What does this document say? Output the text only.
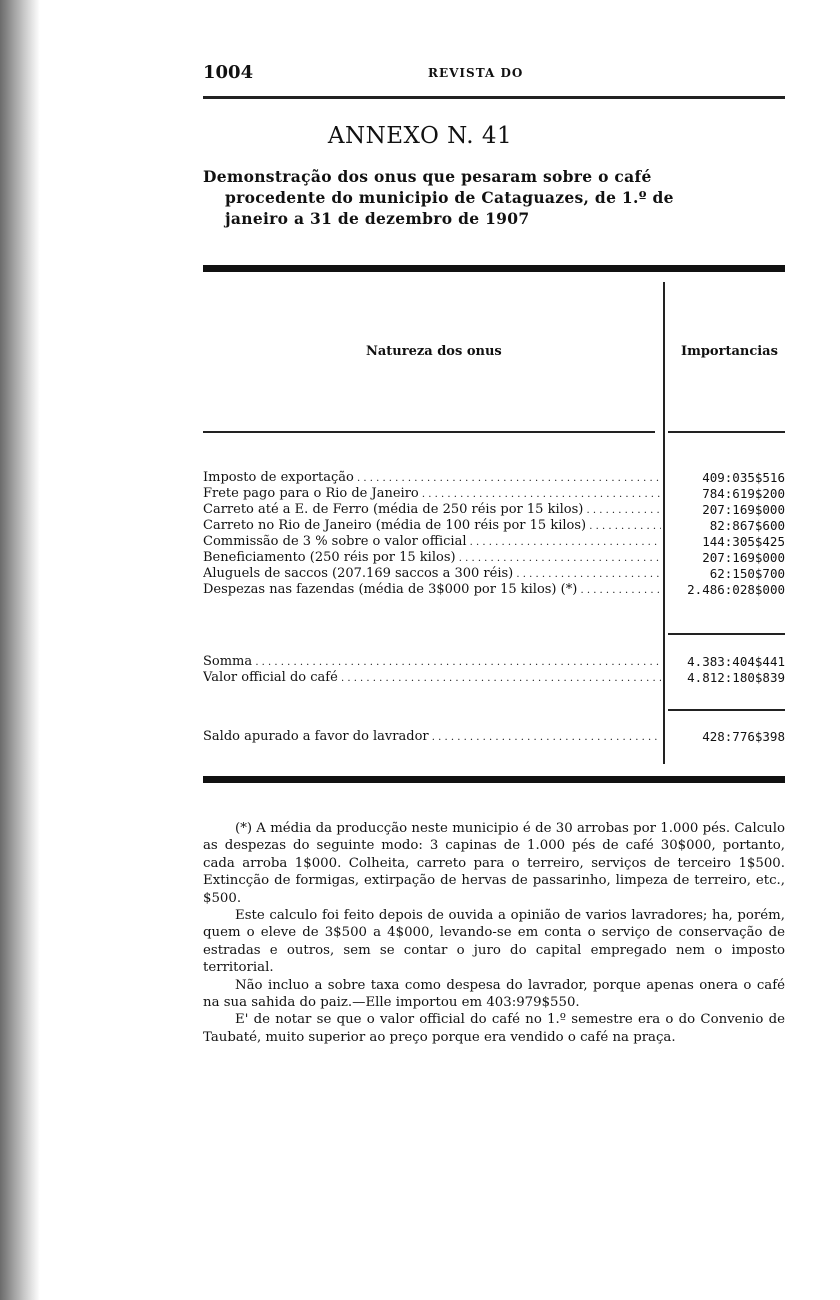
1004	REVISTA DO
ANNEXO N. 41
Demonstração dos onus que pesaram sobre o café
procedente do municipio de Cataguazes, de 1.º de
janeiro a 31 de dezembro de 1907
Natureza dos onus	Importancias
Imposto de exportação . . .	409:035$516
Frete pago para o Rio de Janeiro . . .	784:619$200
Carreto até a E. de Ferro (média de 250 réis por 15 kilos) . . .	207:169$000
Carreto no Rio de Janeiro (média de 100 réis por 15 kilos) . . .	82:867$600
Commissão de 3 % sobre o valor official . . .	144:305$425
Beneficiamento (250 réis por 15 kilos) . . .	207:169$000
Aluguels de saccos (207.169 saccos a 300 réis) . . .	62:150$700
Despezas nas fazendas (média de 3$000 por 15 kilos) (*) . . .	2.486:028$000
Somma . . .	4.383:404$441
Valor official do café . . .	4.812:180$839
Saldo apurado a favor do lavrador . . .	428:776$398

(*) A média da producção neste municipio é de 30 arrobas por 1.000 pés. Calculo as despezas do seguinte modo: 3 capinas de 1.000 pés de café 30$000, portanto, cada arroba 1$000. Colheita, carreto para o terreiro, serviços de terceiro 1$500. Extincção de formigas, extirpação de hervas de passarinho, limpeza de terreiro, etc., $500.

Este calculo foi feito depois de ouvida a opinião de varios lavradores; ha, porém, quem o eleve de 3$500 a 4$000, levando-se em conta o serviço de conservação de estradas e outros, sem se contar o juro do capital empregado nem o imposto territorial.

Não incluo a sobre taxa como despesa do lavrador, porque apenas onera o café na sua sahida do paiz.—Elle importou em 403:979$550.

E' de notar se que o valor official do café no 1.º semestre era o do Convenio de Taubaté, muito superior ao preço porque era vendido o café na praça.
